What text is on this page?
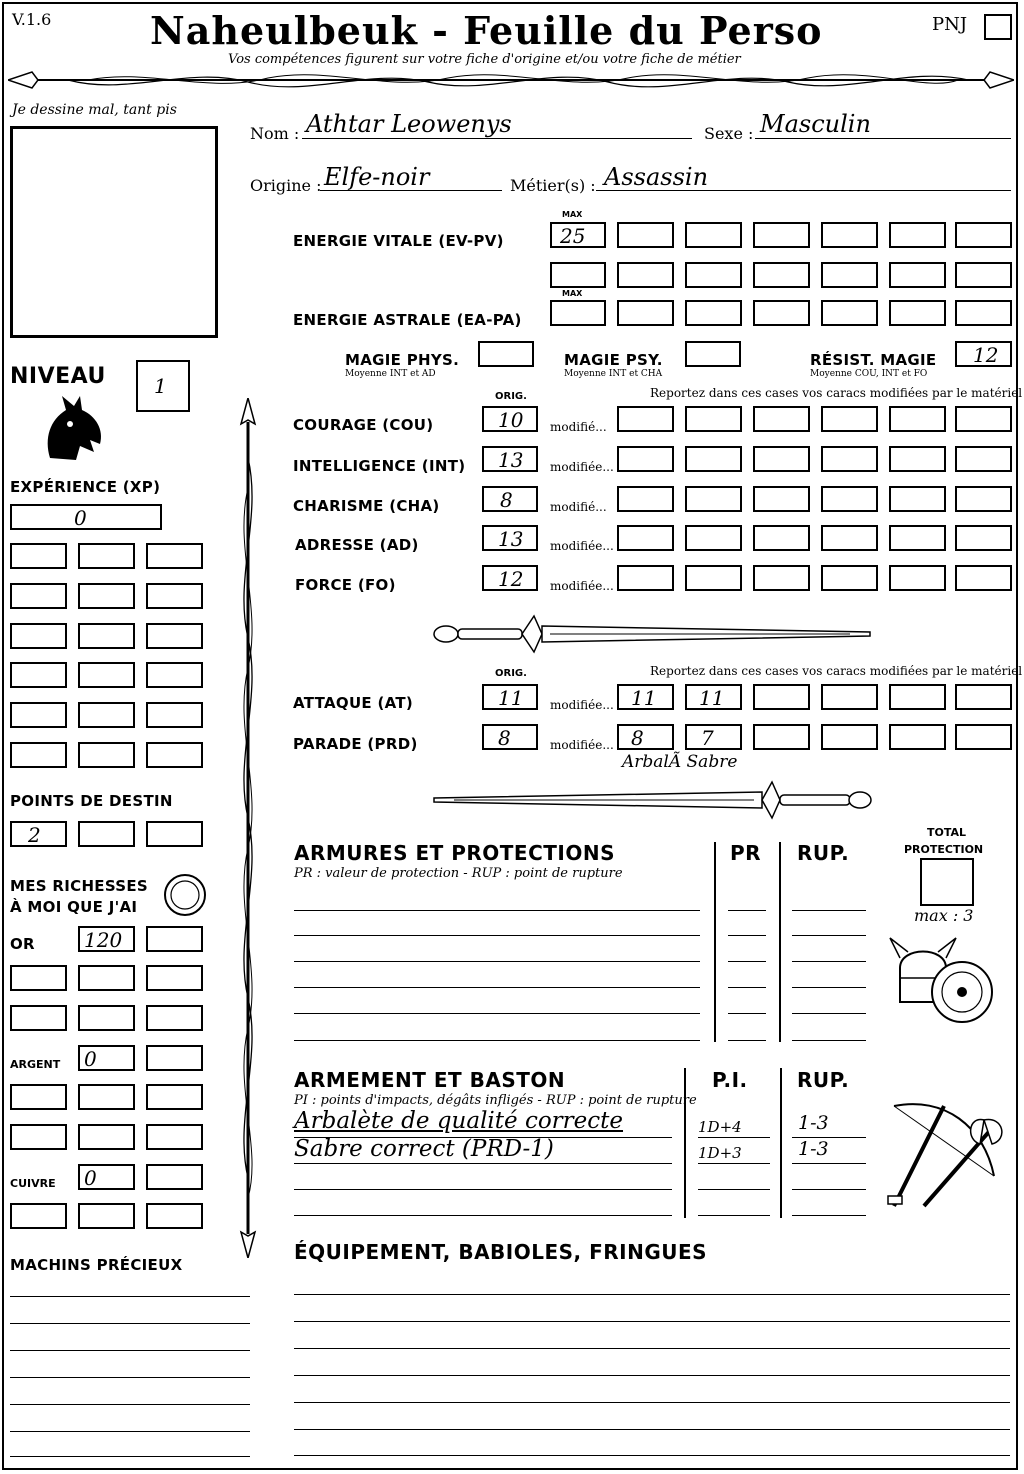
V.1.6	Naheulbeuk - Feuille du Perso
Vos compétences figurent sur votre fiche d'origine et/ou votre fiche de métier
PNJ
Je dessine mal, tant pis
Nom : Athtar Leowenys	Sexe : Masculin
Origine : Elfe-noir	Métier(s) : Assassin
MAX
ENERGIE VITALE (EV-PV)	25
MAX
ENERGIE ASTRALE (EA-PA)
MAGIE PHYS.
Moyenne INT et AD
MAGIE PSY.
Moyenne INT et CHA
RÉSIST. MAGIE
Moyenne COU, INT et FO
12
ORIG.	Reportez dans ces cases vos caracs modifiées par le matériel
COURAGE (COU)	10 modifié...
INTELLIGENCE (INT) 13 modifiée...
CHARISME (CHA)	8	modifié...
ADRESSE (AD)	13 modifiée...
FORCE (FO)	12 modifiée...
ORIG.	Reportez dans ces cases vos caracs modifiées par le matériel
ATTAQUE (AT)	11 modifiée... 11 11
PARADE (PRD)	8	modifiée... 8	7
ArbalÃ Sabre
NIVEAU 1
EXPÉRIENCE (XP)
0
POINTS DE DESTIN
2
MES RICHESSES
À MOI QUE J'AI
OR 120
ARGENT 0
CUIVRE 0
MACHINS PRÉCIEUX
ARMURES ET PROTECTIONS
PR : valeur de protection - RUP : point de rupture
PR RUP.
TOTAL
PROTECTION
max : 3
ARMEMENT ET BASTON
PI : points d'impacts, dégâts infligés - RUP : point de rupture
P.I. RUP.
Arbalète de qualité correcte	1D+4	1-3
Sabre correct (PRD-1)	1D+3	1-3
ÉQUIPEMENT, BABIOLES, FRINGUES
